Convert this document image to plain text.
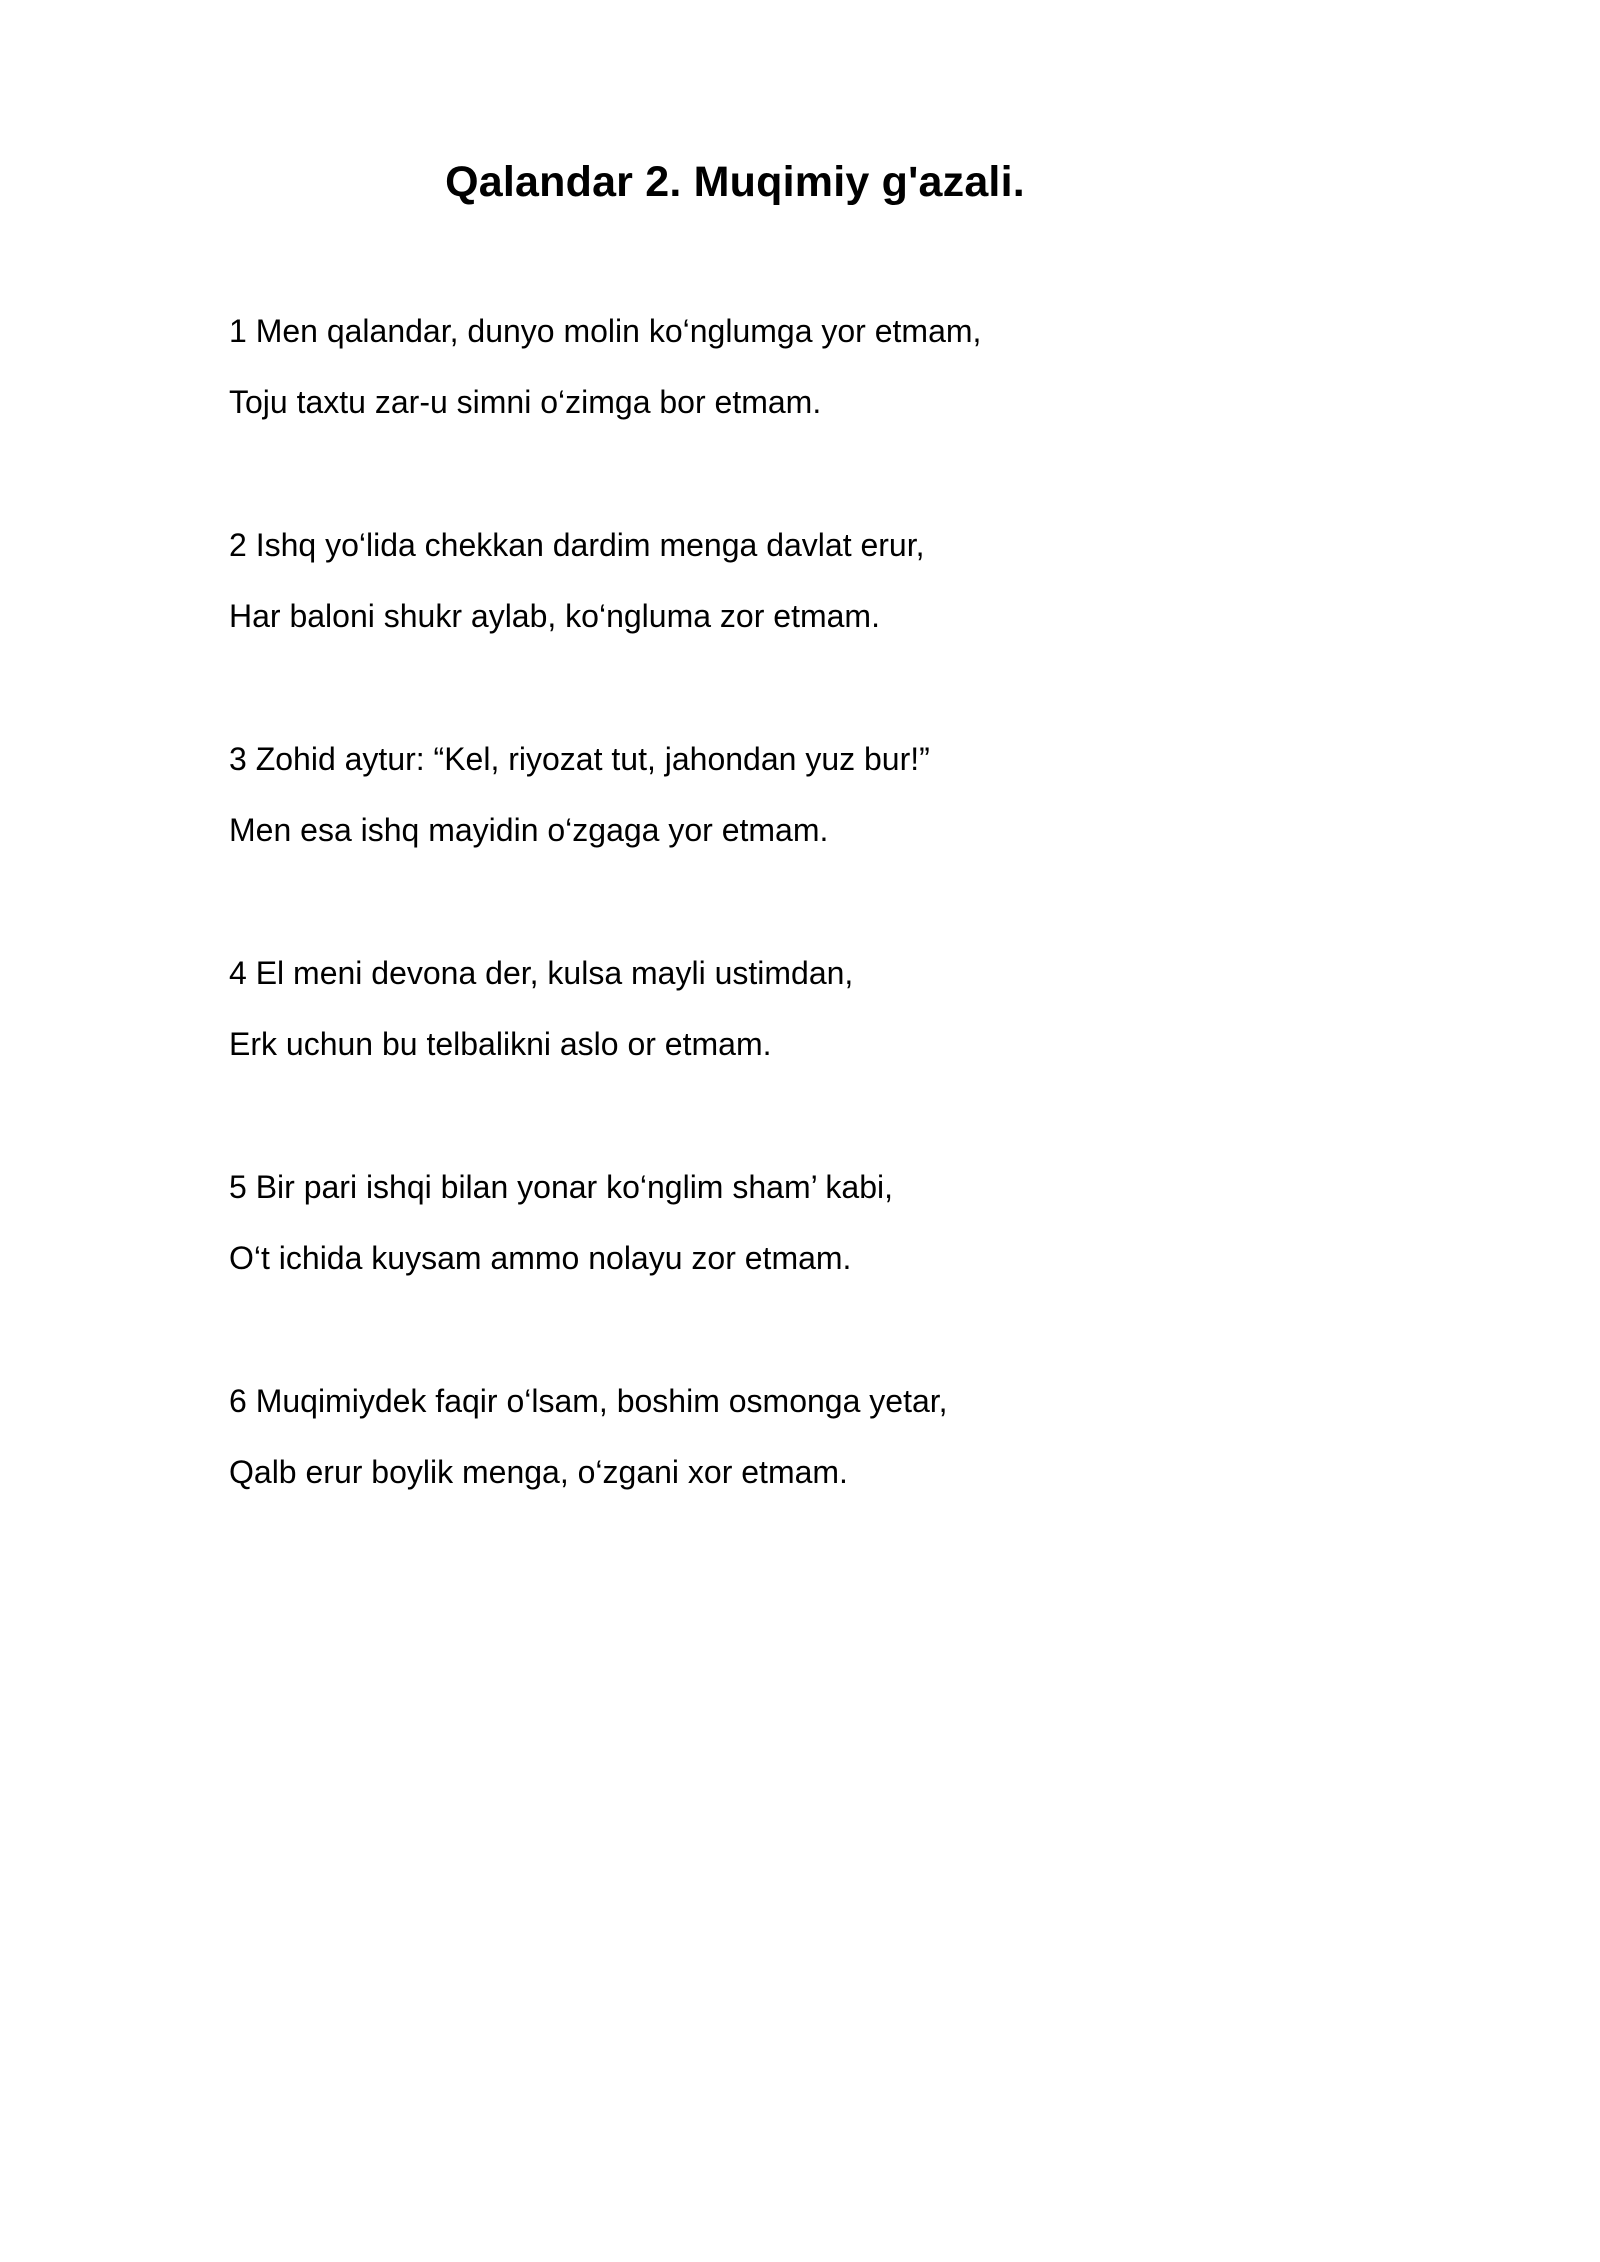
Qalandar 2. Muqimiy g'azali.
1 Men qalandar, dunyo molin ko‘nglumga yor etmam,
Toju taxtu zar-u simni o‘zimga bor etmam.
2 Ishq yo‘lida chekkan dardim menga davlat erur,
Har baloni shukr aylab, ko‘ngluma zor etmam.
3 Zohid aytur: “Kel, riyozat tut, jahondan yuz bur!”
Men esa ishq mayidin o‘zgaga yor etmam.
4 El meni devona der, kulsa mayli ustimdan,
Erk uchun bu telbalikni aslo or etmam.
5 Bir pari ishqi bilan yonar ko‘nglim sham’ kabi,
O‘t ichida kuysam ammo nolayu zor etmam.
6 Muqimiydek faqir o‘lsam, boshim osmonga yetar,
Qalb erur boylik menga, o‘zgani xor etmam.
